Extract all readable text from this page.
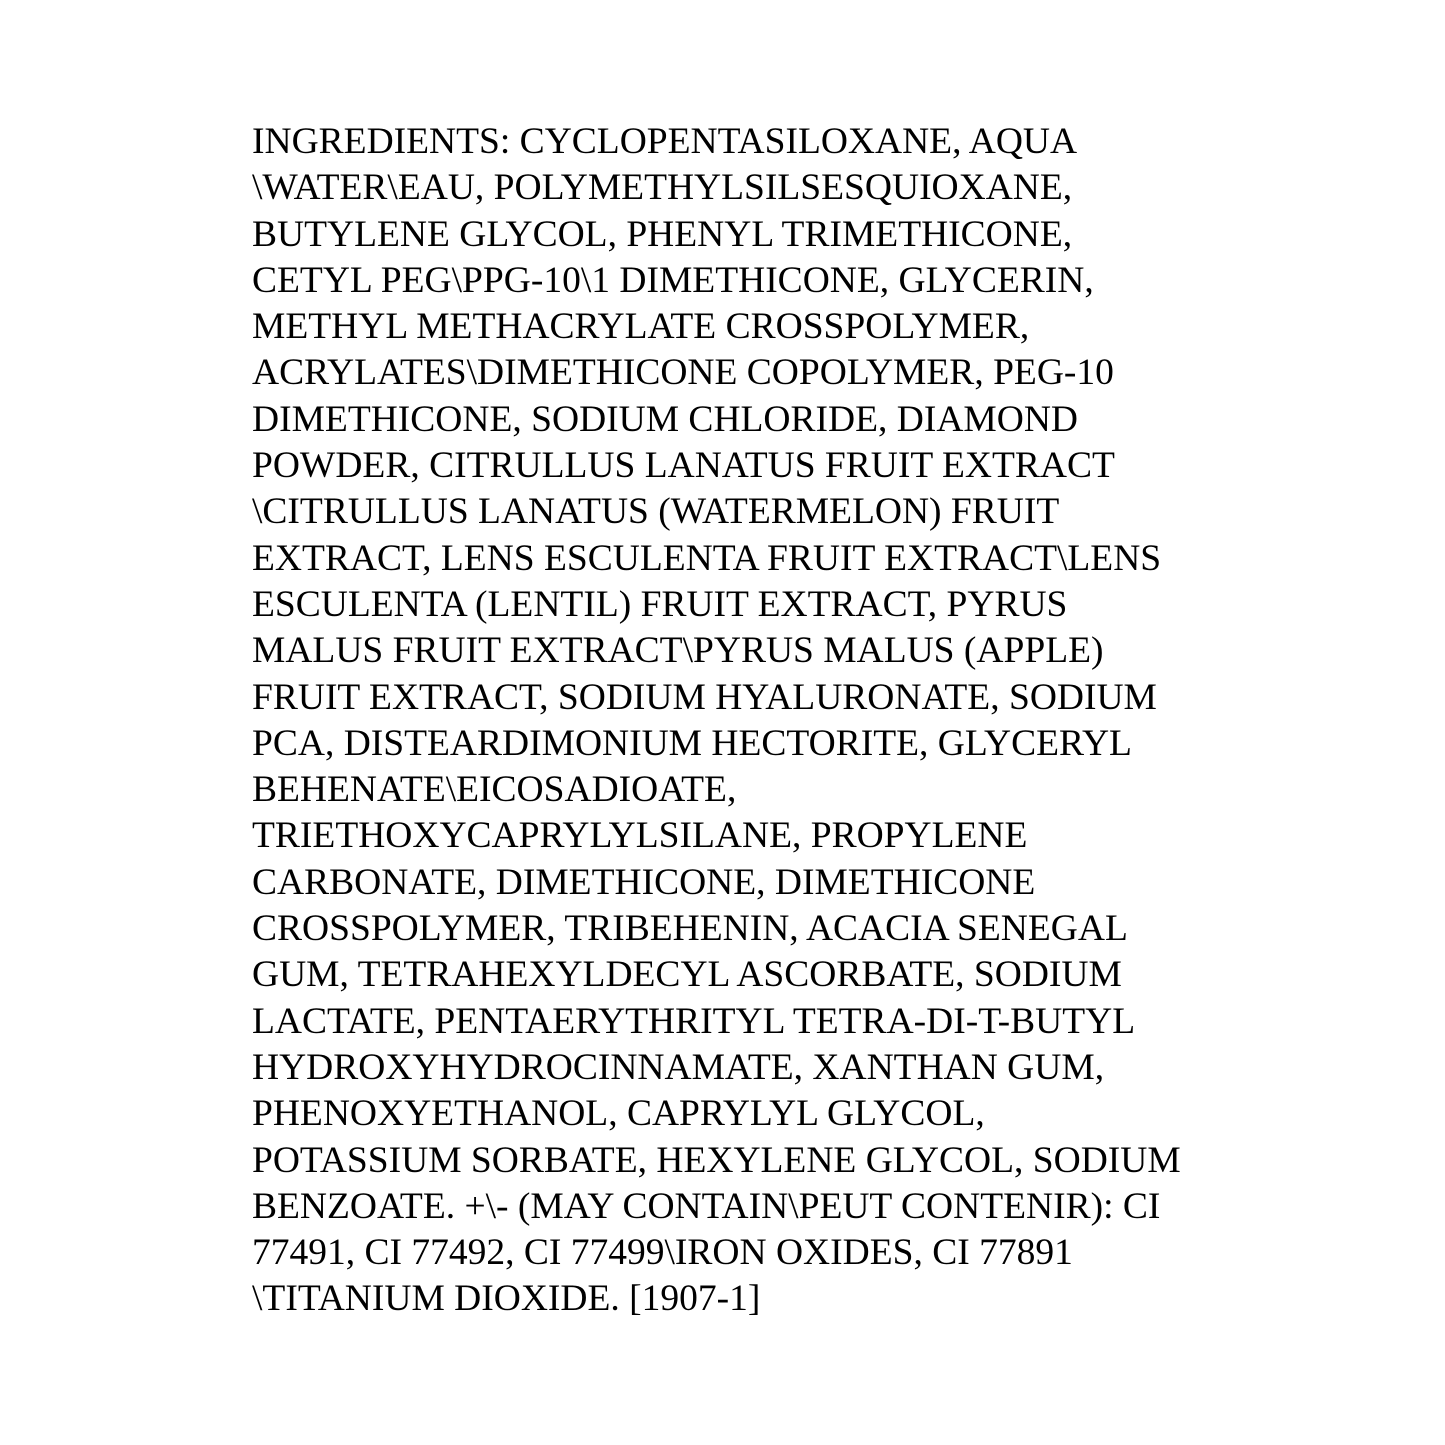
INGREDIENTS: CYCLOPENTASILOXANE, AQUA
\WATER\EAU, POLYMETHYLSILSESQUIOXANE,
BUTYLENE GLYCOL, PHENYL TRIMETHICONE,
CETYL PEG\PPG-10\1 DIMETHICONE, GLYCERIN,
METHYL METHACRYLATE CROSSPOLYMER,
ACRYLATES\DIMETHICONE COPOLYMER, PEG-10
DIMETHICONE, SODIUM CHLORIDE, DIAMOND
POWDER, CITRULLUS LANATUS FRUIT EXTRACT
\CITRULLUS LANATUS (WATERMELON) FRUIT
EXTRACT, LENS ESCULENTA FRUIT EXTRACT\LENS
ESCULENTA (LENTIL) FRUIT EXTRACT, PYRUS
MALUS FRUIT EXTRACT\PYRUS MALUS (APPLE)
FRUIT EXTRACT, SODIUM HYALURONATE, SODIUM
PCA, DISTEARDIMONIUM HECTORITE, GLYCERYL
BEHENATE\EICOSADIOATE,
TRIETHOXYCAPRYLYLSILANE, PROPYLENE
CARBONATE, DIMETHICONE, DIMETHICONE
CROSSPOLYMER, TRIBEHENIN, ACACIA SENEGAL
GUM, TETRAHEXYLDECYL ASCORBATE, SODIUM
LACTATE, PENTAERYTHRITYL TETRA-DI-T-BUTYL
HYDROXYHYDROCINNAMATE, XANTHAN GUM,
PHENOXYETHANOL, CAPRYLYL GLYCOL,
POTASSIUM SORBATE, HEXYLENE GLYCOL, SODIUM
BENZOATE. +\- (MAY CONTAIN\PEUT CONTENIR): CI
77491, CI 77492, CI 77499\IRON OXIDES, CI 77891
\TITANIUM DIOXIDE. [1907-1]
